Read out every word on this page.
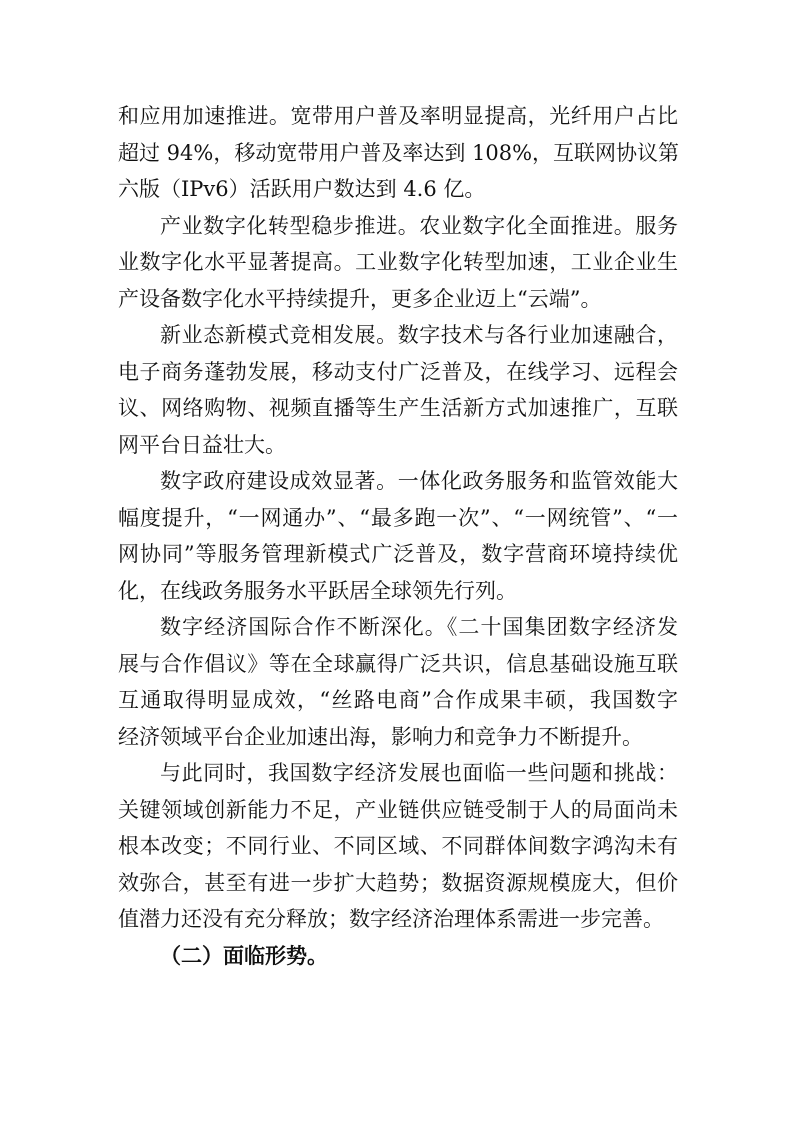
和应用加速推进。宽带用户普及率明显提高，光纤用户占比
超过 94%，移动宽带用户普及率达到 108%，互联网协议第
六版（IPv6）活跃用户数达到 4.6 亿。
产业数字化转型稳步推进。农业数字化全面推进。服务
业数字化水平显著提高。工业数字化转型加速，工业企业生
产设备数字化水平持续提升，更多企业迈上“云端”。
新业态新模式竞相发展。数字技术与各行业加速融合，
电子商务蓬勃发展，移动支付广泛普及，在线学习、远程会
议、网络购物、视频直播等生产生活新方式加速推广，互联
网平台日益壮大。
数字政府建设成效显著。一体化政务服务和监管效能大
幅度提升，“一网通办”、“最多跑一次”、“一网统管”、“一
网协同”等服务管理新模式广泛普及，数字营商环境持续优
化，在线政务服务水平跃居全球领先行列。
数字经济国际合作不断深化。《二十国集团数字经济发
展与合作倡议》等在全球赢得广泛共识，信息基础设施互联
互通取得明显成效，“丝路电商”合作成果丰硕，我国数字
经济领域平台企业加速出海，影响力和竞争力不断提升。
与此同时，我国数字经济发展也面临一些问题和挑战：
关键领域创新能力不足，产业链供应链受制于人的局面尚未
根本改变；不同行业、不同区域、不同群体间数字鸿沟未有
效弥合，甚至有进一步扩大趋势；数据资源规模庞大，但价
值潜力还没有充分释放；数字经济治理体系需进一步完善。
（二）面临形势。
